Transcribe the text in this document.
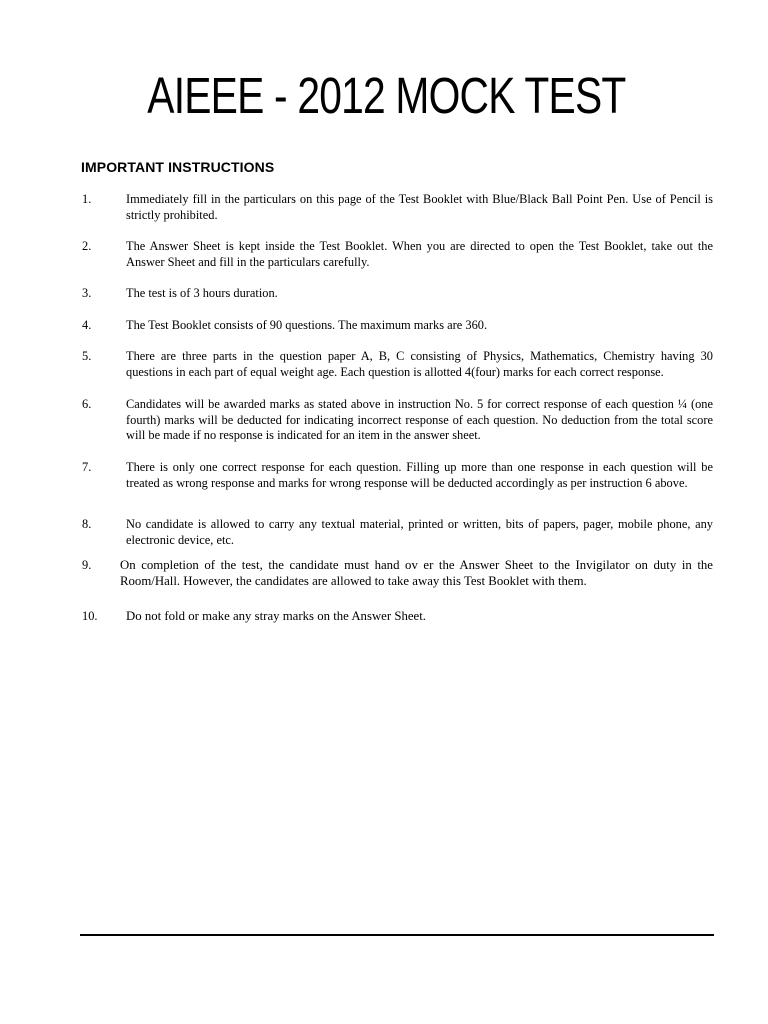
AIEEE - 2012 MOCK TEST
IMPORTANT INSTRUCTIONS
1.	Immediately fill in the particulars on this page of the Test Booklet with Blue/Black Ball Point Pen. Use of Pencil is strictly prohibited.
2.	The Answer Sheet is kept inside the Test Booklet. When you are directed to open the Test Booklet, take out the Answer Sheet and fill in the particulars carefully.
3.	The test is of 3 hours duration.
4.	The Test Booklet consists of 90 questions. The maximum marks are 360.
5.	There are three parts in the question paper A, B, C consisting of Physics, Mathematics, Chemistry having 30 questions in each part of equal weight age. Each question is allotted 4(four) marks for each correct response.
6.	Candidates will be awarded marks as stated above in instruction No. 5 for correct response of each question ¼ (one fourth) marks will be deducted for indicating incorrect response of each question. No deduction from the total score will be made if no response is indicated for an item in the answer sheet.
7.	There is only one correct response for each question. Filling up more than one response in each question will be treated as wrong response and marks for wrong response will be deducted accordingly as per instruction 6 above.
8.	No candidate is allowed to carry any textual material, printed or written, bits of papers, pager, mobile phone, any electronic device, etc.
9. On completion of the test, the candidate must hand ov er the Answer Sheet to the Invigilator on duty in the Room/Hall. However, the candidates are allowed to take away this Test Booklet with them.
10. Do not fold or make any stray marks on the Answer Sheet.
